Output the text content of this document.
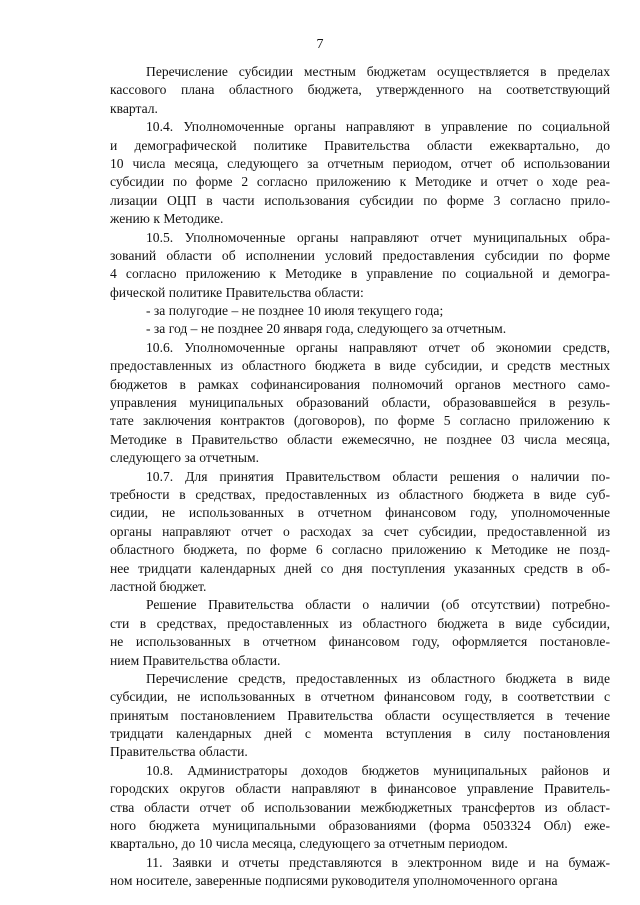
7
Перечисление субсидии местным бюджетам осуществляется в пределах
кассового плана областного бюджета, утвержденного на соответствующий
квартал.
10.4. Уполномоченные органы направляют в управление по социальной
и демографической политике Правительства области ежеквартально, до
10 числа месяца, следующего за отчетным периодом, отчет об использовании
субсидии по форме 2 согласно приложению к Методике и отчет о ходе реа-
лизации ОЦП в части использования субсидии по форме 3 согласно прило-
жению к Методике.
10.5. Уполномоченные органы направляют отчет муниципальных обра-
зований области об исполнении условий предоставления субсидии по форме
4 согласно приложению к Методике в управление по социальной и демогра-
фической политике Правительства области:
- за полугодие – не позднее 10 июля текущего года;
- за год – не позднее 20 января года, следующего за отчетным.
10.6. Уполномоченные органы направляют отчет об экономии средств,
предоставленных из областного бюджета в виде субсидии, и средств местных
бюджетов в рамках софинансирования полномочий органов местного само-
управления муниципальных образований области, образовавшейся в резуль-
тате заключения контрактов (договоров), по форме 5 согласно приложению к
Методике в Правительство области ежемесячно, не позднее 03 числа месяца,
следующего за отчетным.
10.7. Для принятия Правительством области решения о наличии по-
требности в средствах, предоставленных из областного бюджета в виде суб-
сидии, не использованных в отчетном финансовом году, уполномоченные
органы направляют отчет о расходах за счет субсидии, предоставленной из
областного бюджета, по форме 6 согласно приложению к Методике не позд-
нее тридцати календарных дней со дня поступления указанных средств в об-
ластной бюджет.
Решение Правительства области о наличии (об отсутствии) потребно-
сти в средствах, предоставленных из областного бюджета в виде субсидии,
не использованных в отчетном финансовом году, оформляется постановле-
нием Правительства области.
Перечисление средств, предоставленных из областного бюджета в виде
субсидии, не использованных в отчетном финансовом году, в соответствии с
принятым постановлением Правительства области осуществляется в течение
тридцати календарных дней с момента вступления в силу постановления
Правительства области.
10.8. Администраторы доходов бюджетов муниципальных районов и
городских округов области направляют в финансовое управление Правитель-
ства области отчет об использовании межбюджетных трансфертов из област-
ного бюджета муниципальными образованиями (форма 0503324 Обл) еже-
квартально, до 10 числа месяца, следующего за отчетным периодом.
11. Заявки и отчеты представляются в электронном виде и на бумаж-
ном носителе, заверенные подписями руководителя уполномоченного органа
